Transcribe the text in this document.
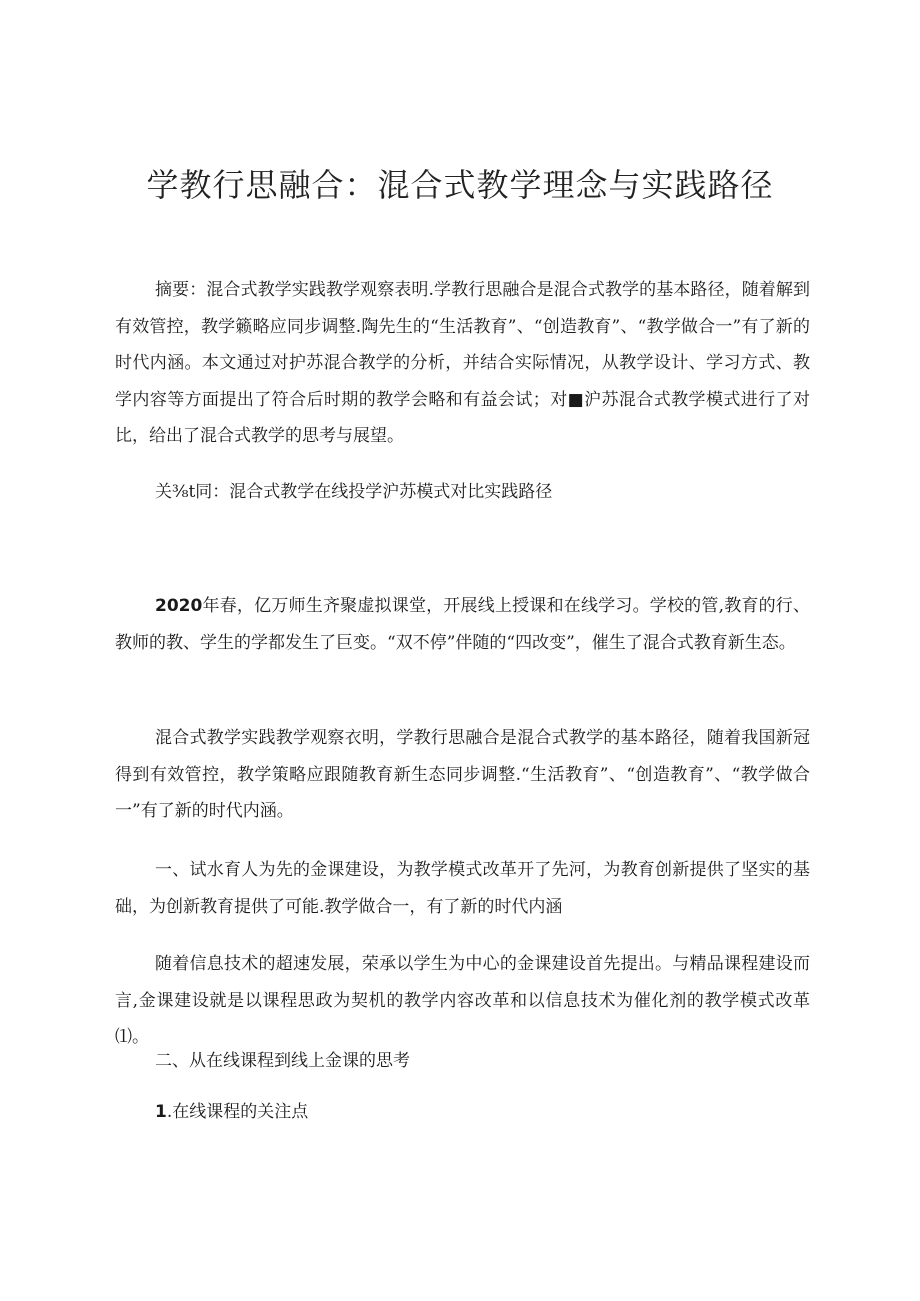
学教行思融合：混合式教学理念与实践路径

摘要：混合式教学实践教学观察表明.学教行思融合是混合式教学的基本路径，随着解到有效管控，教学籁略应同步调整.陶先生的“生活教育”、“创造教育”、“教学做合一”有了新的时代内涵。本文通过对护苏混合教学的分析，并结合实际情况，从教学设计、学习方式、教学内容等方面提出了符合后时期的教学会略和有益会试；对■沪苏混合式教学模式进行了对比，给出了混合式教学的思考与展望。

关⅜t同：混合式教学在线投学沪苏模式对比实践路径

2020年春，亿万师生齐聚虚拟课堂，开展线上授课和在线学习。学校的管,教育的行、教师的教、学生的学都发生了巨变。“双不停”伴随的“四改变”，催生了混合式教育新生态。

混合式教学实践教学观察衣明，学教行思融合是混合式教学的基本路径，随着我国新冠得到有效管控，教学策略应跟随教育新生态同步调整.“生活教育”、“创造教育”、“教学做合一”有了新的时代内涵。

一、试水育人为先的金课建设，为教学模式改革开了先河，为教育创新提供了坚实的基础，为创新教育提供了可能.教学做合一，有了新的时代内涵

随着信息技术的超速发展，荣承以学生为中心的金课建设首先提出。与精品课程建设而言,金课建设就是以课程思政为契机的教学内容改革和以信息技术为催化剂的教学模式改革⑴。

二、从在线课程到线上金课的思考

1.在线课程的关注点
